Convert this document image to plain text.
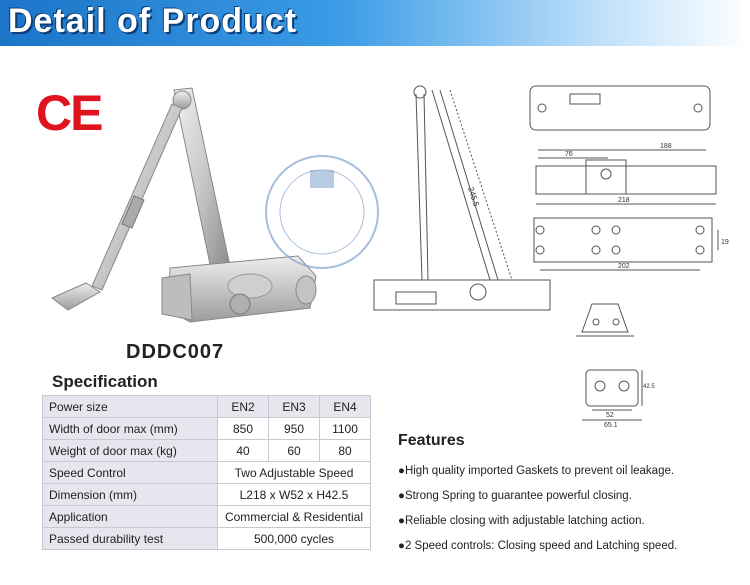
Detail of Product
CE
DDDC007
Specification
Power size	EN2	EN3	EN4
Width of door max (mm)	850	950	1100
Weight of door max (kg)	40	60	80
Speed Control	Two Adjustable Speed		
Dimension (mm)	L218 x W52 x H42.5		
Application	Commercial & Residential		
Passed durability test	500,000 cycles		
245.5
188
76
218
19
202
42.5
52
65.1
Features
●High quality imported Gaskets to prevent oil leakage.
●Strong Spring to guarantee powerful closing.
●Reliable closing with adjustable latching action.
●2 Speed controls: Closing speed and Latching speed.
